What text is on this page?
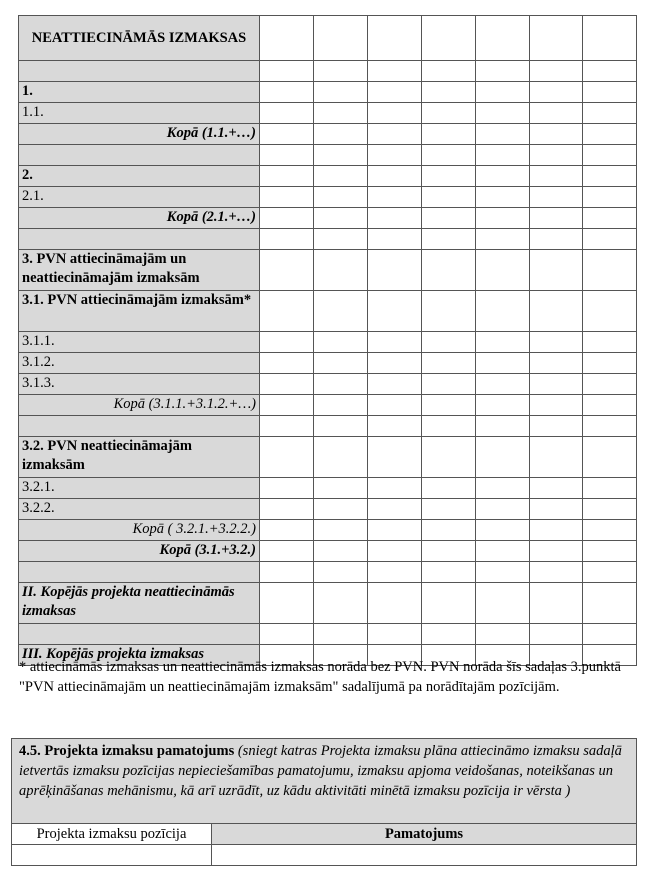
NEATTIECINĀMĀS IZMAKSAS							

1.							
1.1.							
Kopā (1.1.+…)							

2.							
2.1.							
Kopā (2.1.+…)							

3. PVN attiecināmajām un neattiecināmajām izmaksām							
3.1. PVN attiecināmajām izmaksām*							
3.1.1.							
3.1.2.							
3.1.3.							
Kopā (3.1.1.+3.1.2.+…)							

3.2. PVN neattiecināmajām izmaksām							
3.2.1.							
3.2.2.							
Kopā ( 3.2.1.+3.2.2.)							
Kopā (3.1.+3.2.)							

II. Kopējās projekta neattiecināmās izmaksas							

III. Kopējās projekta izmaksas							
* attiecināmās izmaksas un neattiecināmās izmaksas norāda bez PVN. PVN norāda šīs sadaļas 3.punktā "PVN attiecināmajām un neattiecināmajām izmaksām" sadalījumā pa norādītajām pozīcijām.
4.5. Projekta izmaksu pamatojums (sniegt katras Projekta izmaksu plāna attiecināmo izmaksu sadaļā ietvertās izmaksu pozīcijas nepieciešamības pamatojumu, izmaksu apjoma veidošanas, noteikšanas un aprēķināšanas mehānismu, kā arī uzrādīt, uz kādu aktivitāti minētā izmaksu pozīcija ir vērsta )	
Projekta izmaksu pozīcija	Pamatojums
